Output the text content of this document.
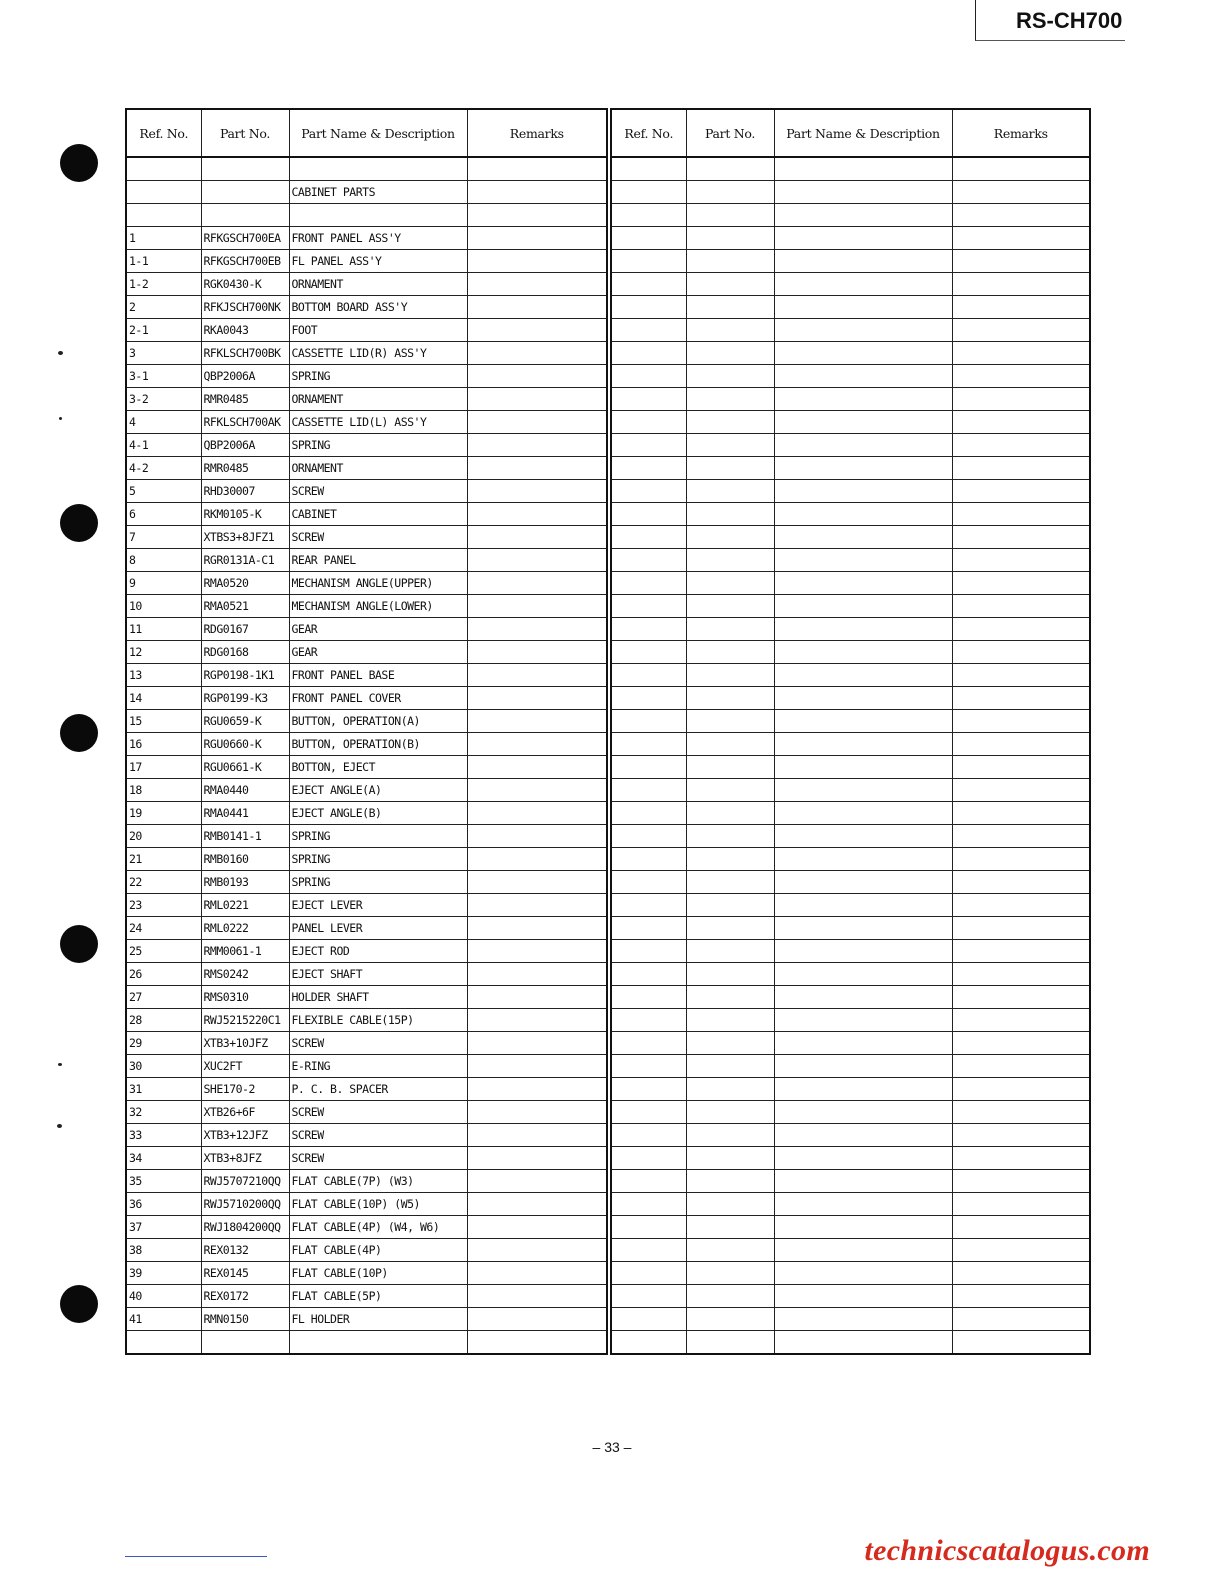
RS-CH700
Ref. No.	Part No.	Part Name & Description	Remarks

		CABINET PARTS	

1	RFKGSCH700EA	FRONT PANEL ASS'Y	
1-1	RFKGSCH700EB	FL PANEL ASS'Y	
1-2	RGK0430-K	ORNAMENT	
2	RFKJSCH700NK	BOTTOM BOARD ASS'Y	
2-1	RKA0043	FOOT	
3	RFKLSCH700BK	CASSETTE LID(R) ASS'Y	
3-1	QBP2006A	SPRING	
3-2	RMR0485	ORNAMENT	
4	RFKLSCH700AK	CASSETTE LID(L) ASS'Y	
4-1	QBP2006A	SPRING	
4-2	RMR0485	ORNAMENT	
5	RHD30007	SCREW	
6	RKM0105-K	CABINET	
7	XTBS3+8JFZ1	SCREW	
8	RGR0131A-C1	REAR PANEL	
9	RMA0520	MECHANISM ANGLE(UPPER)	
10	RMA0521	MECHANISM ANGLE(LOWER)	
11	RDG0167	GEAR	
12	RDG0168	GEAR	
13	RGP0198-1K1	FRONT PANEL BASE	
14	RGP0199-K3	FRONT PANEL COVER	
15	RGU0659-K	BUTTON, OPERATION(A)	
16	RGU0660-K	BUTTON, OPERATION(B)	
17	RGU0661-K	BOTTON, EJECT	
18	RMA0440	EJECT ANGLE(A)	
19	RMA0441	EJECT ANGLE(B)	
20	RMB0141-1	SPRING	
21	RMB0160	SPRING	
22	RMB0193	SPRING	
23	RML0221	EJECT LEVER	
24	RML0222	PANEL LEVER	
25	RMM0061-1	EJECT ROD	
26	RMS0242	EJECT SHAFT	
27	RMS0310	HOLDER SHAFT	
28	RWJ5215220C1	FLEXIBLE CABLE(15P)	
29	XTB3+10JFZ	SCREW	
30	XUC2FT	E-RING	
31	SHE170-2	P. C. B. SPACER	
32	XTB26+6F	SCREW	
33	XTB3+12JFZ	SCREW	
34	XTB3+8JFZ	SCREW	
35	RWJ5707210QQ	FLAT CABLE(7P) (W3)	
36	RWJ5710200QQ	FLAT CABLE(10P) (W5)	
37	RWJ1804200QQ	FLAT CABLE(4P) (W4, W6)	
38	REX0132	FLAT CABLE(4P)	
39	REX0145	FLAT CABLE(10P)	
40	REX0172	FLAT CABLE(5P)	
41	RMN0150	FL HOLDER	

Ref. No.	Part No.	Part Name & Description	Remarks

– 33 –
technicscatalogus.com
